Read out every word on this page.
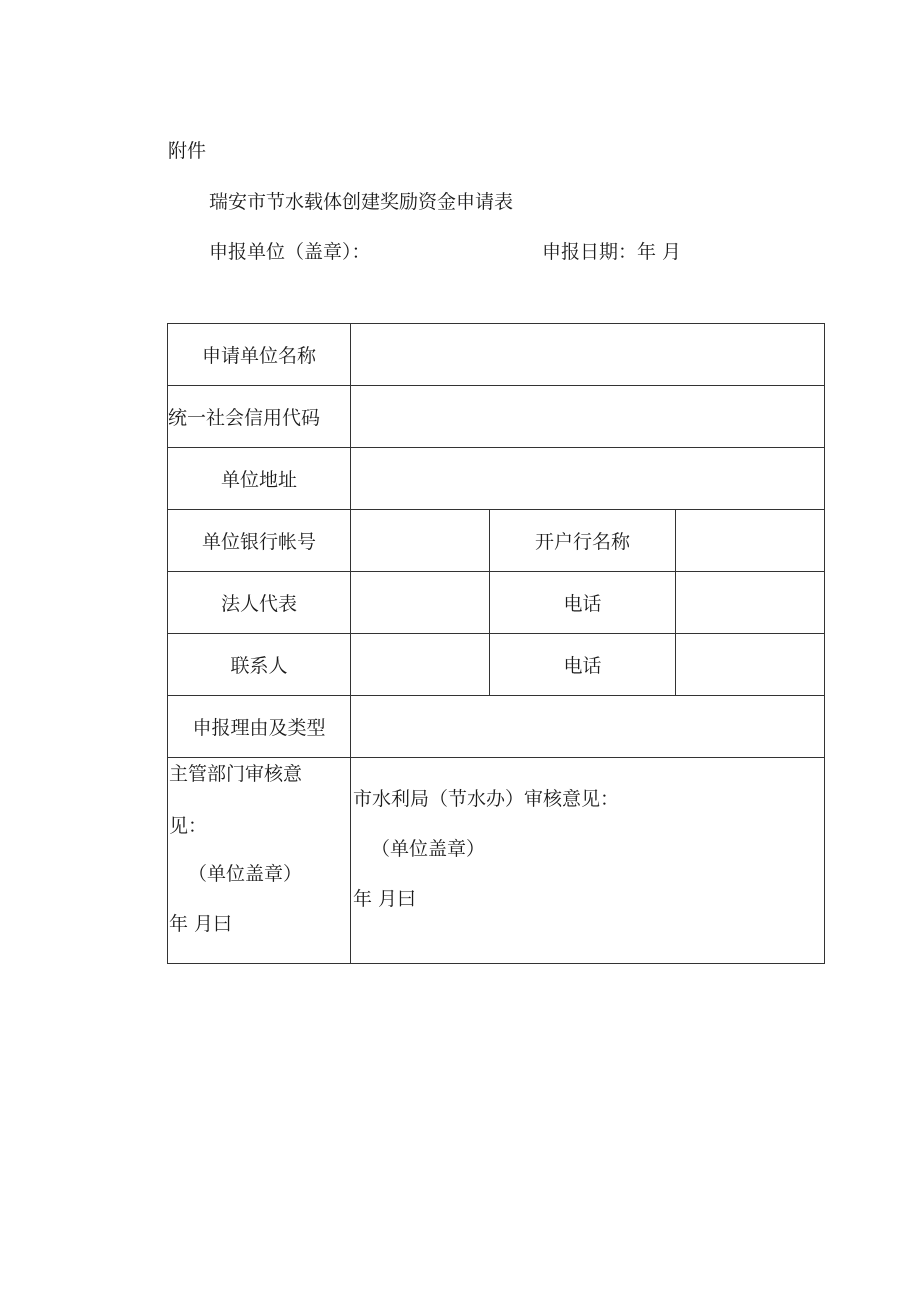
附件
瑞安市节水载体创建奖励资金申请表
申报单位（盖章）：	申报日期：年 月
申请单位名称			
统一社会信用代码			
单位地址			
单位银行帐号		开户行名称	
法人代表		电话	
联系人		电话	
申报理由及类型			

主管部门审核意
见：
（单位盖章）
年 月曰	市水利局（节水办）审核意见：
（单位盖章）
年 月曰		
